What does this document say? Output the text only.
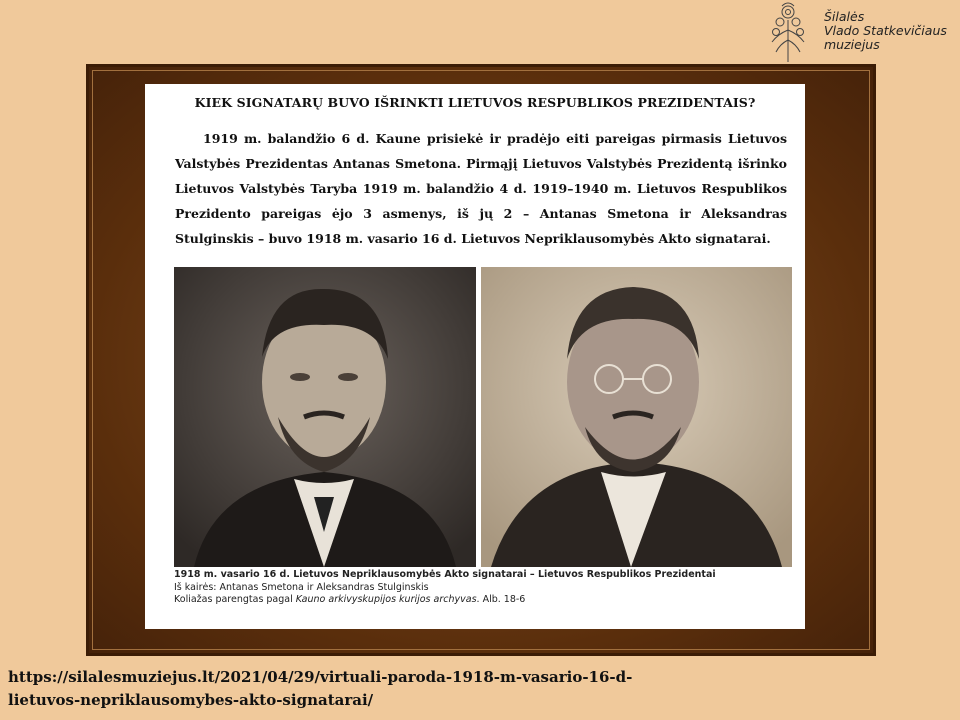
Šilalės
Vlado Statkevičiaus
muziejus
KIEK SIGNATARŲ BUVO IŠRINKTI LIETUVOS RESPUBLIKOS PREZIDENTAIS?
1919 m. balandžio 6 d. Kaune prisiekė ir pradėjo eiti pareigas pirmasis Lietuvos Valstybės Prezidentas Antanas Smetona. Pirmąjį Lietuvos Valstybės Prezidentą išrinko Lietuvos Valstybės Taryba 1919 m. balandžio 4 d. 1919–1940 m. Lietuvos Respublikos Prezidento pareigas ėjo 3 asmenys, iš jų 2 – Antanas Smetona ir Aleksandras Stulginskis – buvo 1918 m. vasario 16 d. Lietuvos Nepriklausomybės Akto signatarai.
1918 m. vasario 16 d. Lietuvos Nepriklausomybės Akto signatarai – Lietuvos Respublikos Prezidentai
Iš kairės: Antanas Smetona ir Aleksandras Stulginskis
Koliažas parengtas pagal Kauno arkivyskupijos kurijos archyvas. Alb. 18-6
https://silalesmuziejus.lt/2021/04/29/virtuali-paroda-1918-m-vasario-16-d-
lietuvos-nepriklausomybes-akto-signatarai/
